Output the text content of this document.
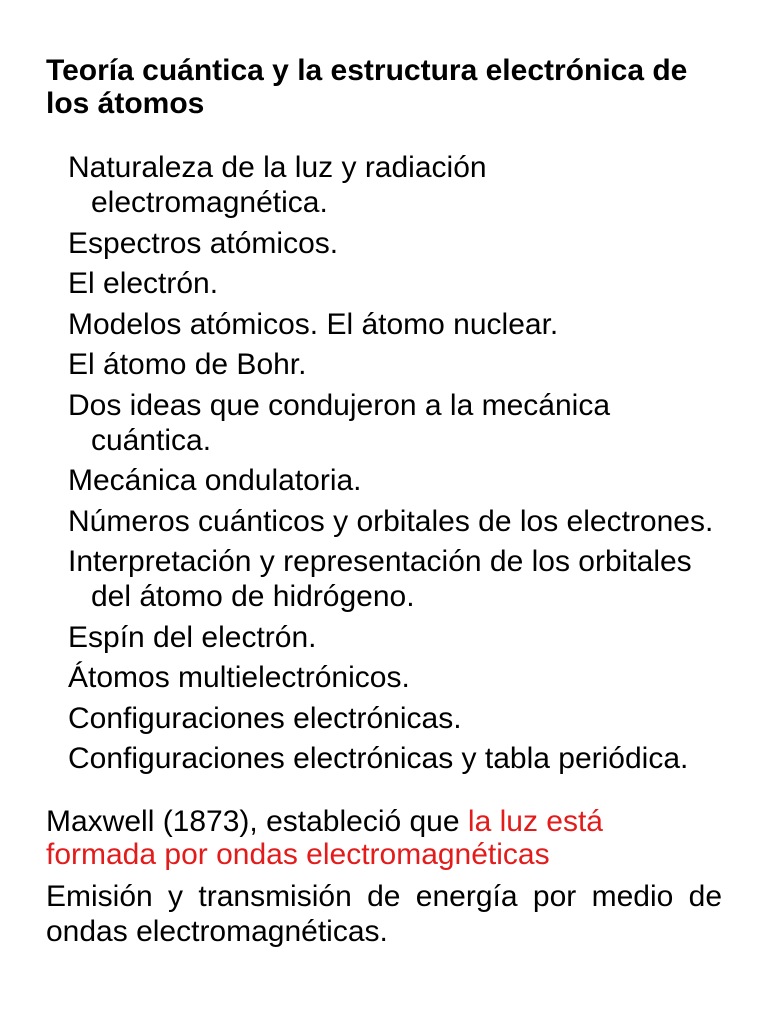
Teoría cuántica y la estructura electrónica de los átomos
Naturaleza de la luz y radiación electromagnética.
Espectros atómicos.
El electrón.
Modelos atómicos. El átomo nuclear.
El átomo de Bohr.
Dos ideas que condujeron a la mecánica cuántica.
Mecánica ondulatoria.
Números cuánticos y orbitales de los electrones.
Interpretación y representación de los orbitales del átomo de hidrógeno.
Espín del electrón.
Átomos multielectrónicos.
Configuraciones electrónicas.
Configuraciones electrónicas y tabla periódica.

Maxwell (1873), estableció que la luz está formada por ondas electromagnéticas

Emisión y transmisión de energía por medio de ondas electromagnéticas.
